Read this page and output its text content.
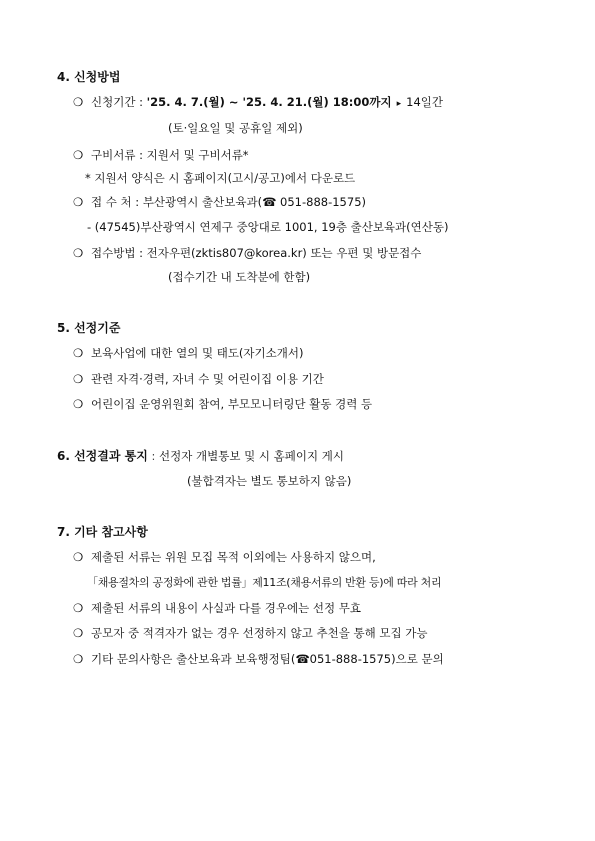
4. 신청방법
❍ 신청기간 : '25. 4. 7.(월) ~ '25. 4. 21.(월) 18:00까지 ▸ 14일간
(토·일요일 및 공휴일 제외)
❍ 구비서류 : 지원서 및 구비서류*
* 지원서 양식은 시 홈페이지(고시/공고)에서 다운로드
❍ 접 수 처 : 부산광역시 출산보육과(☎ 051-888-1575)
- (47545)부산광역시 연제구 중앙대로 1001, 19층 출산보육과(연산동)
❍ 접수방법 : 전자우편(zktis807@korea.kr) 또는 우편 및 방문접수
(접수기간 내 도착분에 한함)
5. 선정기준
❍ 보육사업에 대한 열의 및 태도(자기소개서)
❍ 관련 자격·경력, 자녀 수 및 어린이집 이용 기간
❍ 어린이집 운영위원회 참여, 부모모니터링단 활동 경력 등
6. 선정결과 통지 : 선정자 개별통보 및 시 홈페이지 게시
(불합격자는 별도 통보하지 않음)
7. 기타 참고사항
❍ 제출된 서류는 위원 모집 목적 이외에는 사용하지 않으며,
「채용절차의 공정화에 관한 법률」제11조(채용서류의 반환 등)에 따라 처리
❍ 제출된 서류의 내용이 사실과 다를 경우에는 선정 무효
❍ 공모자 중 적격자가 없는 경우 선정하지 않고 추천을 통해 모집 가능
❍ 기타 문의사항은 출산보육과 보육행정팀(☎051-888-1575)으로 문의
